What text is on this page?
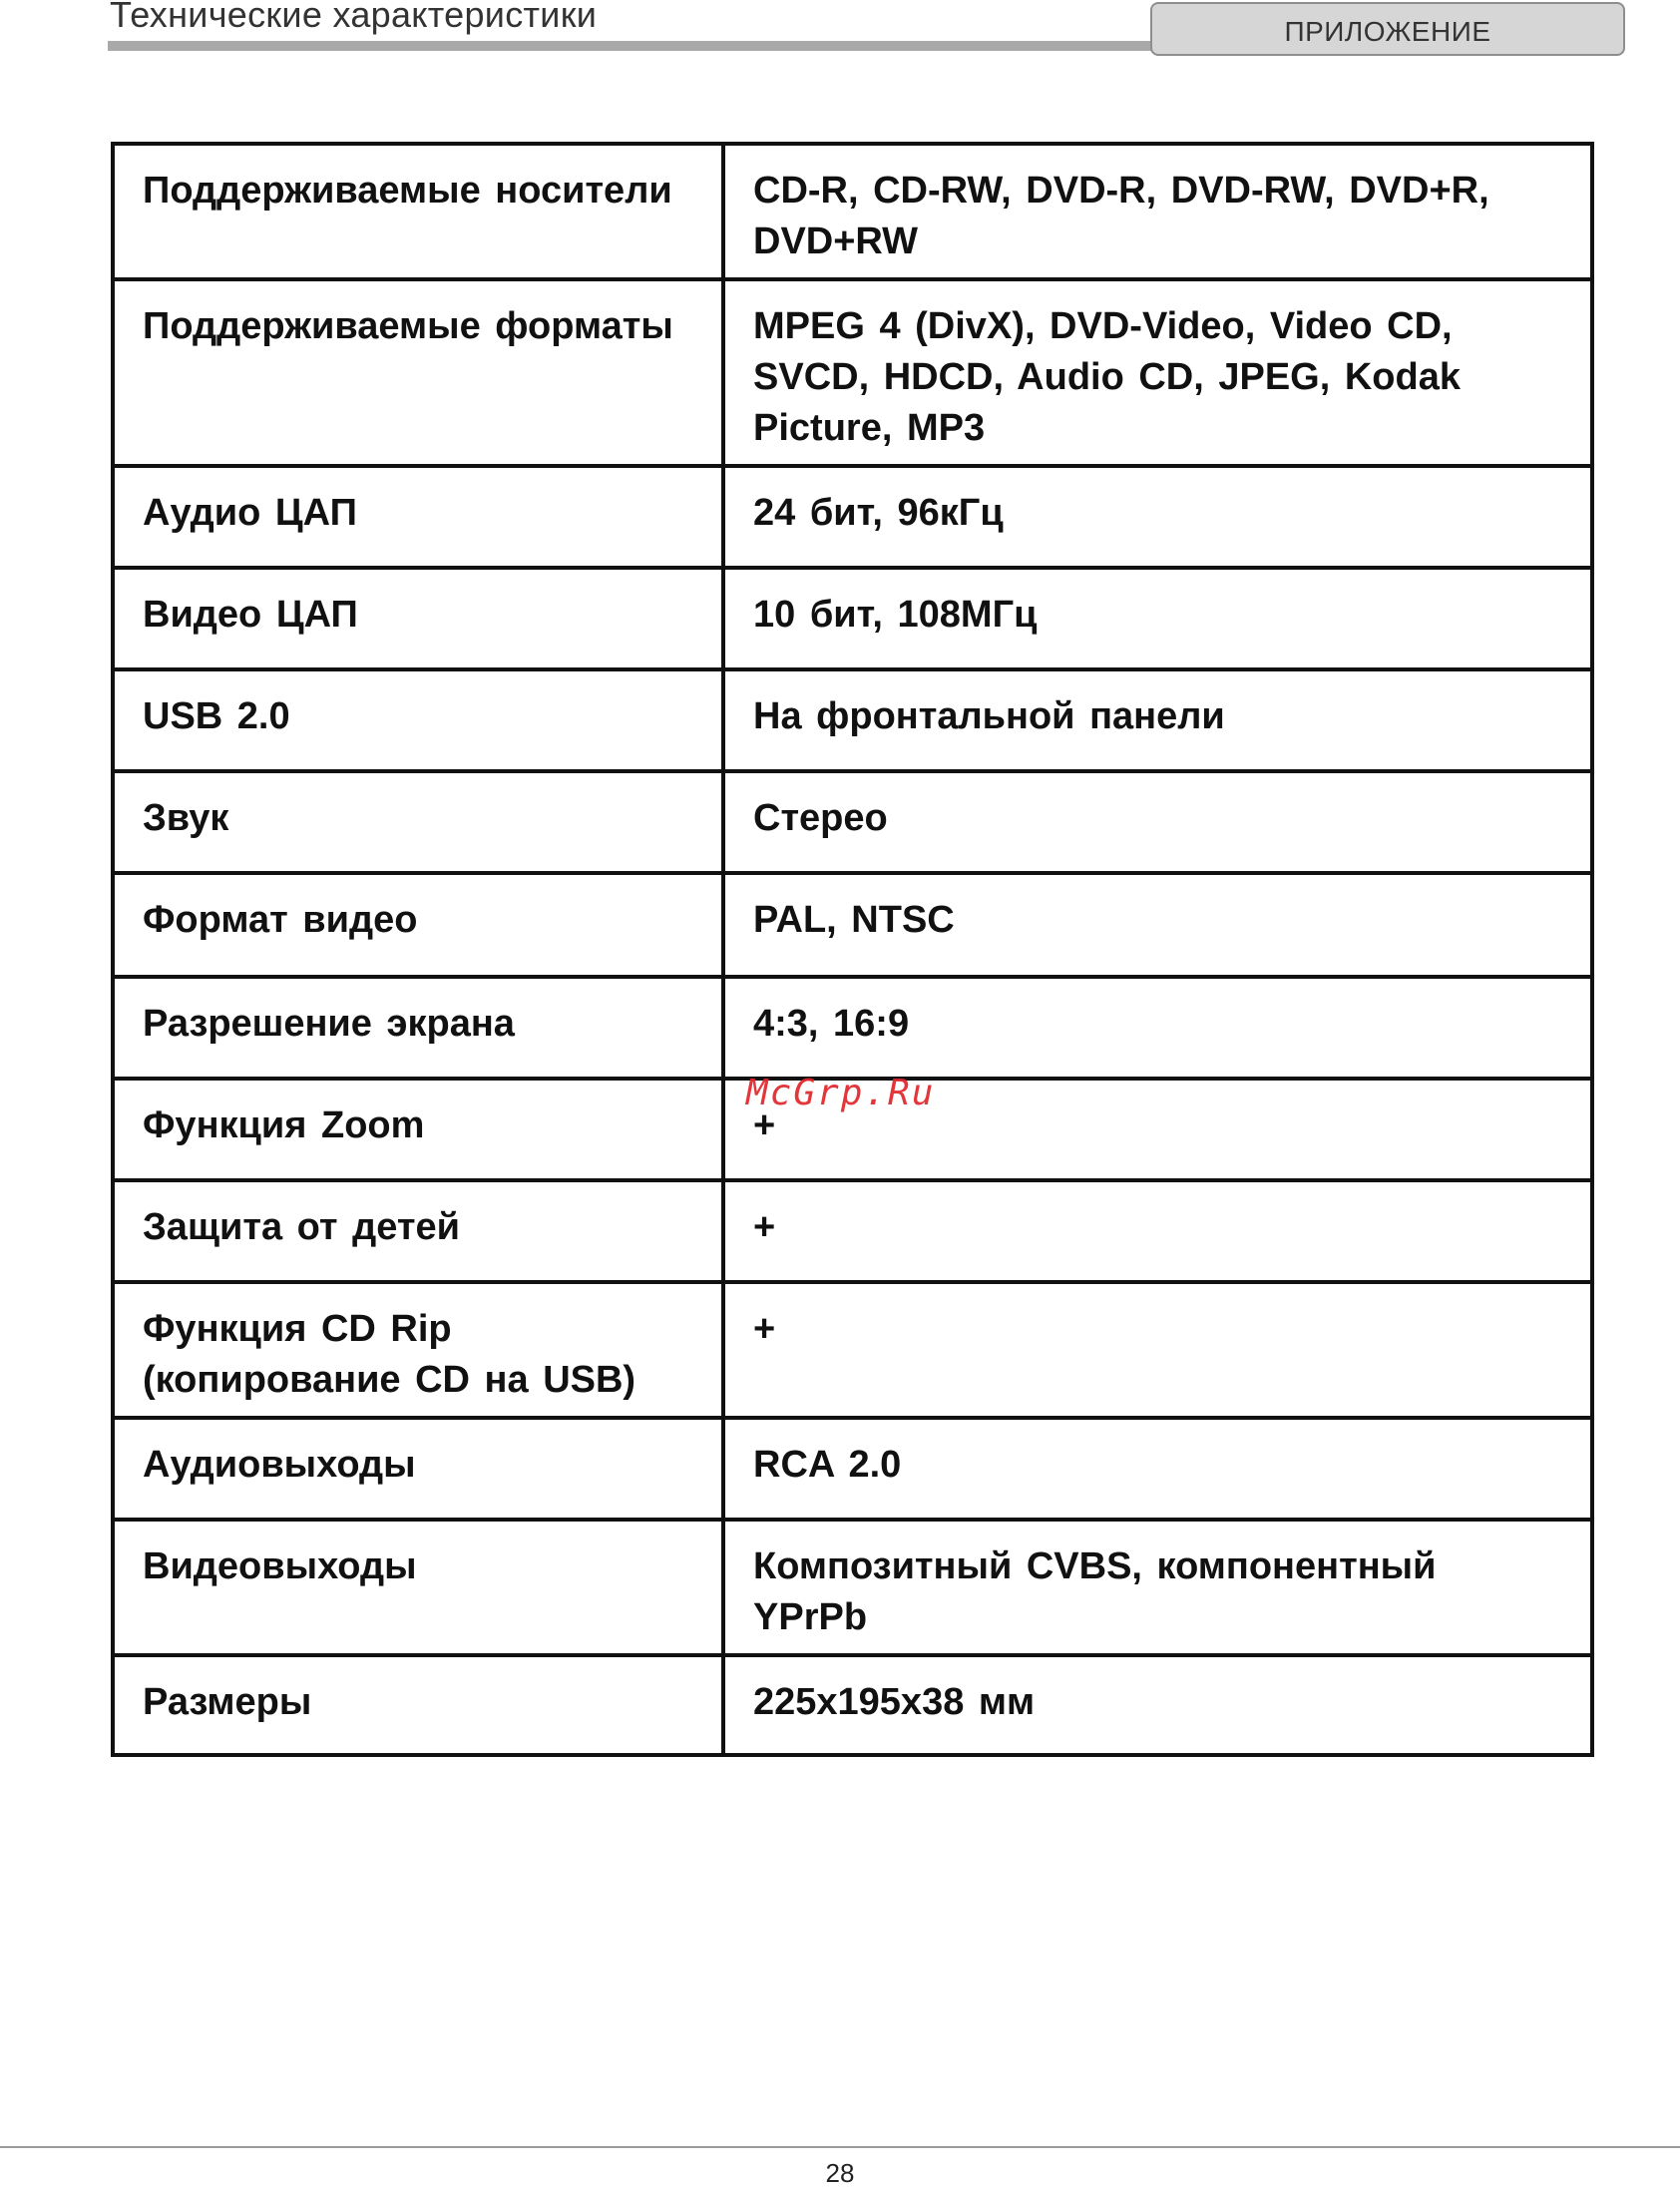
Технические характеристики	ПРИЛОЖЕНИЕ
Поддерживаемые носители	CD-R, CD-RW, DVD-R, DVD-RW, DVD+R, DVD+RW
Поддерживаемые форматы	MPEG 4 (DivX), DVD-Video, Video CD, SVCD, HDCD, Audio CD, JPEG, Kodak Picture, MP3
Аудио ЦАП	24 бит, 96кГц
Видео ЦАП	10 бит, 108МГц
USB 2.0	На фронтальной панели
Звук	Стерео
Формат видео	PAL, NTSC
Разрешение экрана	4:3, 16:9
Функция Zoom	+
Защита от детей	+
Функция CD Rip (копирование CD на USB)	+
Аудиовыходы	RCA 2.0
Видеовыходы	Композитный CVBS, компонентный YPrPb
Размеры	225x195x38 мм
McGrp.Ru
28
